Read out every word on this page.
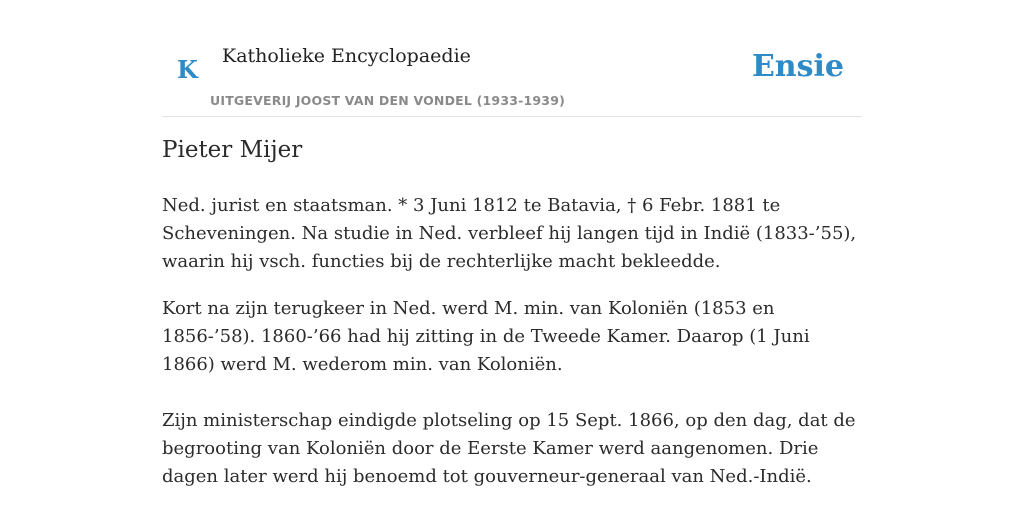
K Katholieke Encyclopaedie
UITGEVERIJ JOOST VAN DEN VONDEL (1933-1939)
Ensie
Pieter Mijer

Ned. jurist en staatsman. * 3 Juni 1812 te Batavia, † 6 Febr. 1881 te Scheveningen. Na studie in Ned. verbleef hij langen tijd in Indië (1833-’55), waarin hij vsch. functies bij de rechterlijke macht bekleedde.

Kort na zijn terugkeer in Ned. werd M. min. van Koloniën (1853 en 1856-’58). 1860-’66 had hij zitting in de Tweede Kamer. Daarop (1 Juni 1866) werd M. wederom min. van Koloniën.

Zijn ministerschap eindigde plotseling op 15 Sept. 1866, op den dag, dat de begrooting van Koloniën door de Eerste Kamer werd aangenomen. Drie dagen later werd hij benoemd tot gouverneur-generaal van Ned.-Indië.
